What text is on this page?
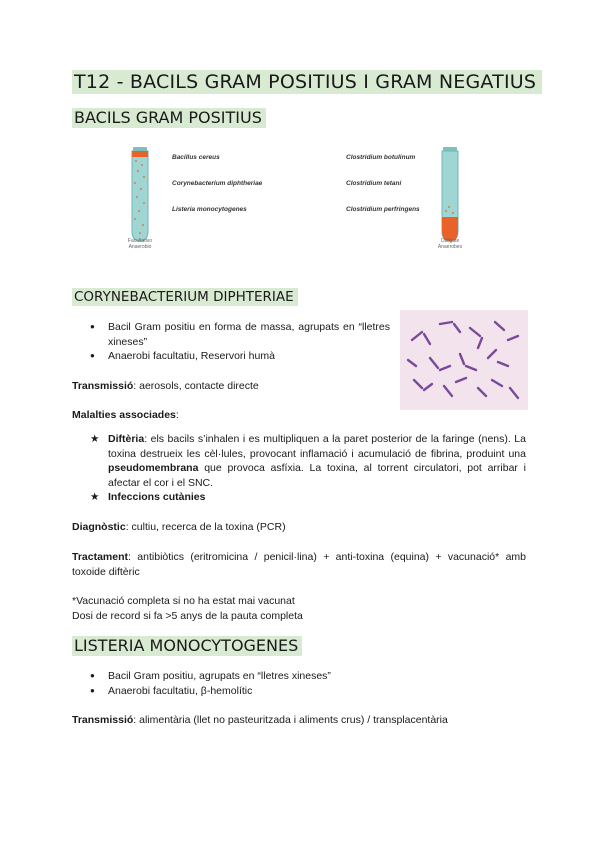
T12 - BACILS GRAM POSITIUS I GRAM NEGATIUS
BACILS GRAM POSITIUS
Facultativo
Anaerobio
Bacillus cereus
Corynebacterium diphtheriae
Listeria monocytogenes
Clostridium botulinum
Clostridium tetani
Clostridium perfringens
Obligate
Anaerobes
CORYNEBACTERIUM DIPHTERIAE
● Bacil Gram positiu en forma de massa, agrupats en “lletres xineses”
● Anaerobi facultatiu, Reservori humà

Transmissió: aerosols, contacte directe

Malalties associades:

★ Diftèria: els bacils s’inhalen i es multipliquen a la paret posterior de la faringe (nens). La toxina destrueix les cèl·lules, provocant inflamació i acumulació de fibrina, produint una pseudomembrana que provoca asfíxia. La toxina, al torrent circulatori, pot arribar i afectar el cor i el SNC.
★ Infeccions cutànies

Diagnòstic: cultiu, recerca de la toxina (PCR)

Tractament: antibiòtics (eritromicina / penicil·lina) + anti-toxina (equina) + vacunació* amb toxoide diftèric

*Vacunació completa si no ha estat mai vacunat

Dosi de record si fa >5 anys de la pauta completa

LISTERIA MONOCYTOGENES
● Bacil Gram positiu, agrupats en “lletres xineses”
● Anaerobi facultatiu, β-hemolític

Transmissió: alimentària (llet no pasteuritzada i aliments crus) / transplacentària
